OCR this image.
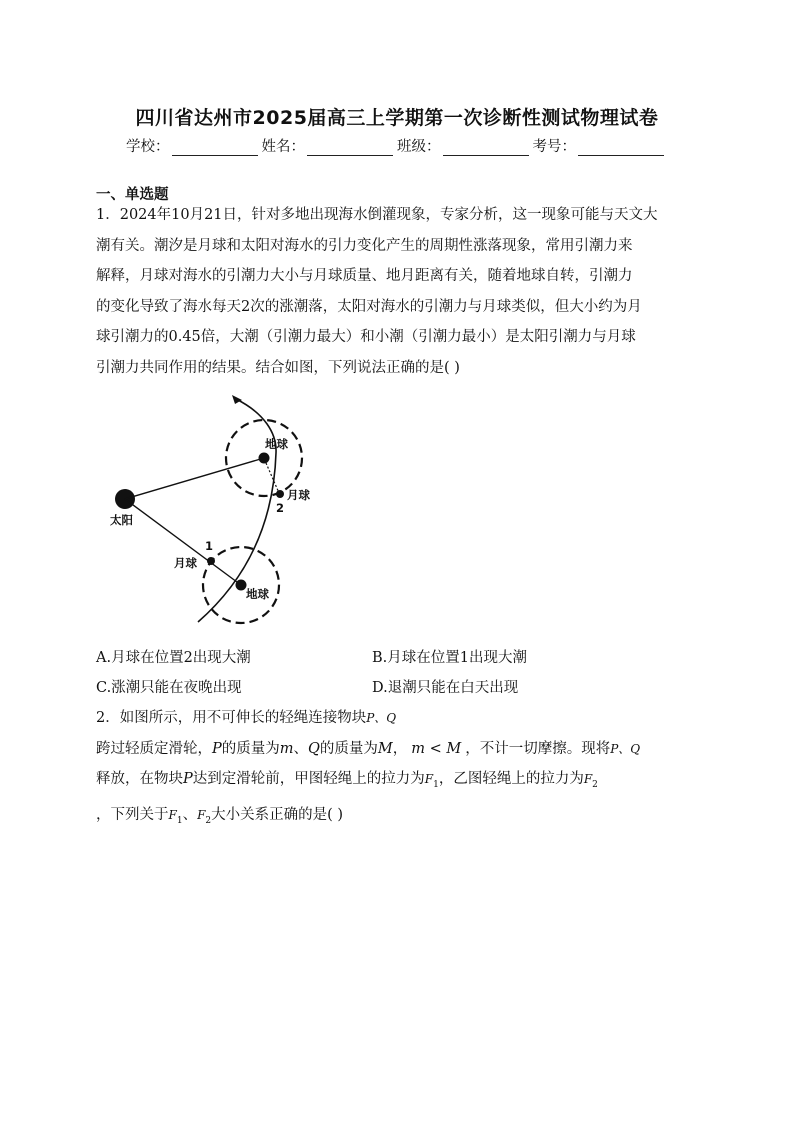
四川省达州市2025届高三上学期第一次诊断性测试物理试卷
学校：	姓名：	班级：	考号：
一、单选题
1．2024年10月21日，针对多地出现海水倒灌现象，专家分析，这一现象可能与天文大
潮有关。潮汐是月球和太阳对海水的引力变化产生的周期性涨落现象，常用引潮力来
解释，月球对海水的引潮力大小与月球质量、地月距离有关，随着地球自转，引潮力
的变化导致了海水每天2次的涨潮落，太阳对海水的引潮力与月球类似，但大小约为月
球引潮力的0.45倍，大潮（引潮力最大）和小潮（引潮力最小）是太阳引潮力与月球
引潮力共同作用的结果。结合如图，下列说法正确的是( )
太阳
地球
月球
2
地球
1
月球
A.月球在位置2出现大潮	B.月球在位置1出现大潮
C.涨潮只能在夜晚出现	D.退潮只能在白天出现
2．如图所示，用不可伸长的轻绳连接物块P、Q
跨过轻质定滑轮，P的质量为m、Q的质量为M， m < M ，不计一切摩擦。现将P、Q
释放，在物块P达到定滑轮前，甲图轻绳上的拉力为$F_1$，乙图轻绳上的拉力为$F_2$
，下列关于$F_1$、$F_2$大小关系正确的是( )
